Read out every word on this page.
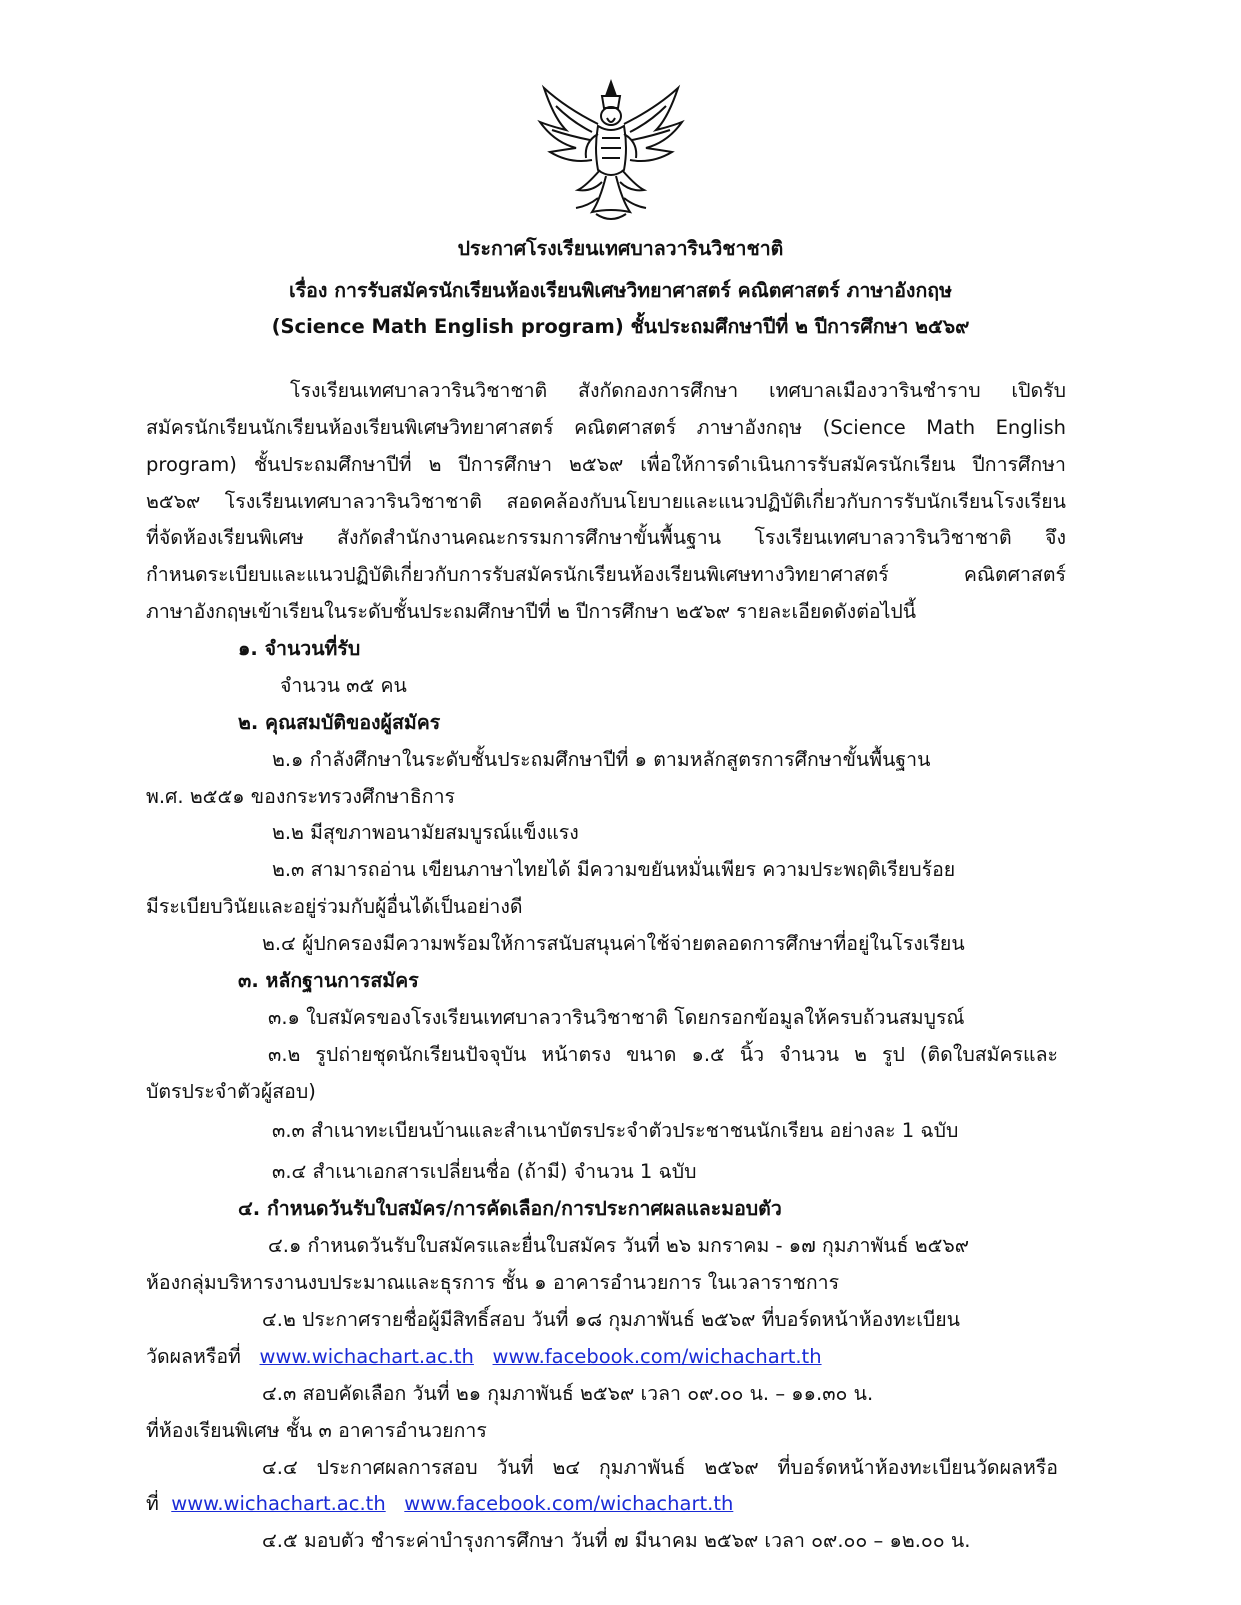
ประกาศโรงเรียนเทศบาลวารินวิชาชาติ
เรื่อง การรับสมัครนักเรียนห้องเรียนพิเศษวิทยาศาสตร์ คณิตศาสตร์ ภาษาอังกฤษ
(Science Math English program) ชั้นประถมศึกษาปีที่ ๒ ปีการศึกษา ๒๕๖๙
โรงเรียนเทศบาลวารินวิชาชาติ สังกัดกองการศึกษา เทศบาลเมืองวารินชำราบ เปิดรับ
สมัครนักเรียนนักเรียนห้องเรียนพิเศษวิทยาศาสตร์ คณิตศาสตร์ ภาษาอังกฤษ (Science Math English
program) ชั้นประถมศึกษาปีที่ ๒ ปีการศึกษา ๒๕๖๙ เพื่อให้การดำเนินการรับสมัครนักเรียน ปีการศึกษา
๒๕๖๙ โรงเรียนเทศบาลวารินวิชาชาติ สอดคล้องกับนโยบายและแนวปฏิบัติเกี่ยวกับการรับนักเรียนโรงเรียน
ที่จัดห้องเรียนพิเศษ สังกัดสำนักงานคณะกรรมการศึกษาขั้นพื้นฐาน โรงเรียนเทศบาลวารินวิชาชาติ จึง
กำหนดระเบียบและแนวปฏิบัติเกี่ยวกับการรับสมัครนักเรียนห้องเรียนพิเศษทางวิทยาศาสตร์ คณิตศาสตร์
ภาษาอังกฤษเข้าเรียนในระดับชั้นประถมศึกษาปีที่ ๒ ปีการศึกษา ๒๕๖๙ รายละเอียดดังต่อไปนี้
๑. จำนวนที่รับ
จำนวน ๓๕ คน
๒. คุณสมบัติของผู้สมัคร
๒.๑ กำลังศึกษาในระดับชั้นประถมศึกษาปีที่ ๑ ตามหลักสูตรการศึกษาขั้นพื้นฐาน
พ.ศ. ๒๕๕๑ ของกระทรวงศึกษาธิการ
๒.๒ มีสุขภาพอนามัยสมบูรณ์แข็งแรง
๒.๓ สามารถอ่าน เขียนภาษาไทยได้ มีความขยันหมั่นเพียร ความประพฤติเรียบร้อย
มีระเบียบวินัยและอยู่ร่วมกับผู้อื่นได้เป็นอย่างดี
๒.๔ ผู้ปกครองมีความพร้อมให้การสนับสนุนค่าใช้จ่ายตลอดการศึกษาที่อยู่ในโรงเรียน
๓. หลักฐานการสมัคร
๓.๑ ใบสมัครของโรงเรียนเทศบาลวารินวิชาชาติ โดยกรอกข้อมูลให้ครบถ้วนสมบูรณ์
๓.๒ รูปถ่ายชุดนักเรียนปัจจุบัน หน้าตรง ขนาด ๑.๕ นิ้ว จำนวน ๒ รูป (ติดใบสมัครและ
บัตรประจำตัวผู้สอบ)
๓.๓ สำเนาทะเบียนบ้านและสำเนาบัตรประจำตัวประชาชนนักเรียน อย่างละ 1 ฉบับ
๓.๔ สำเนาเอกสารเปลี่ยนชื่อ (ถ้ามี) จำนวน 1 ฉบับ
๔. กำหนดวันรับใบสมัคร/การคัดเลือก/การประกาศผลและมอบตัว
๔.๑ กำหนดวันรับใบสมัครและยื่นใบสมัคร วันที่ ๒๖ มกราคม - ๑๗ กุมภาพันธ์ ๒๕๖๙
ห้องกลุ่มบริหารงานงบประมาณและธุรการ ชั้น ๑ อาคารอำนวยการ ในเวลาราชการ
๔.๒ ประกาศรายชื่อผู้มีสิทธิ์สอบ วันที่ ๑๘ กุมภาพันธ์ ๒๕๖๙ ที่บอร์ดหน้าห้องทะเบียน
วัดผลหรือที่ www.wichachart.ac.th www.facebook.com/wichachart.th
๔.๓ สอบคัดเลือก วันที่ ๒๑ กุมภาพันธ์ ๒๕๖๙ เวลา ๐๙.๐๐ น. – ๑๑.๓๐ น.
ที่ห้องเรียนพิเศษ ชั้น ๓ อาคารอำนวยการ
๔.๔ ประกาศผลการสอบ วันที่ ๒๔ กุมภาพันธ์ ๒๕๖๙ ที่บอร์ดหน้าห้องทะเบียนวัดผลหรือ
ที่ www.wichachart.ac.th www.facebook.com/wichachart.th
๔.๕ มอบตัว ชำระค่าบำรุงการศึกษา วันที่ ๗ มีนาคม ๒๕๖๙ เวลา ๐๙.๐๐ – ๑๒.๐๐ น.
